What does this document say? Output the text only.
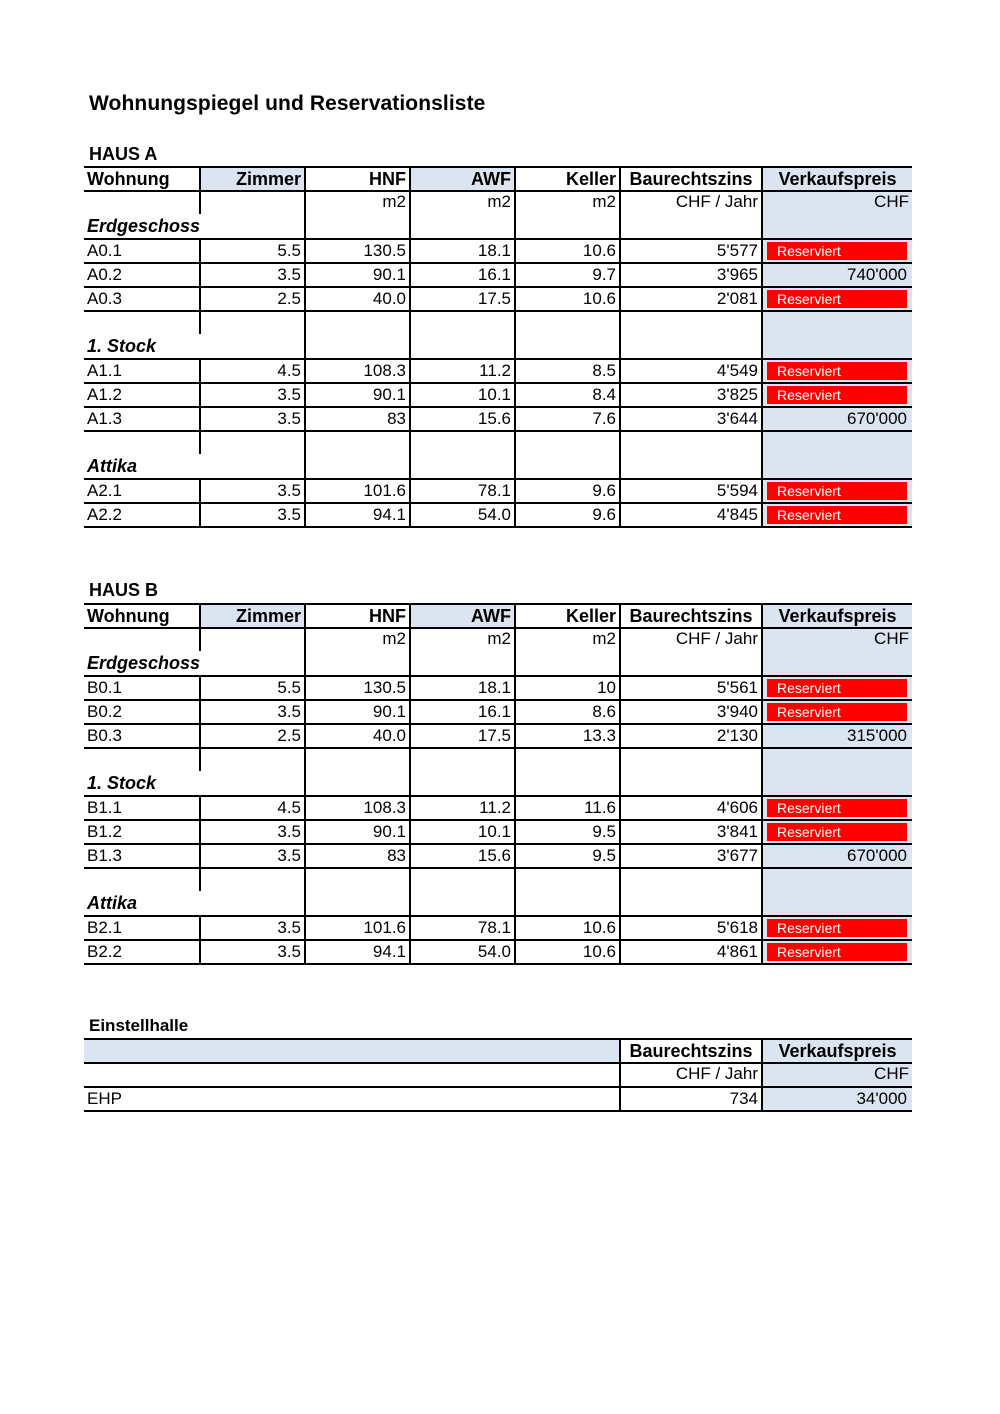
Wohnungspiegel und Reservationsliste
HAUS A
Wohnung	Zimmer	HNF	AWF	Keller	Baurechtszins	Verkaufspreis
		m2	m2	m2	CHF / Jahr	CHF
Erdgeschoss						
A0.1	5.5	130.5	18.1	10.6	5'577	Reserviert

A0.2	3.5	90.1	16.1	9.7	3'965	740'000
A0.3	2.5	40.0	17.5	10.6	2'081	Reserviert

1. Stock						
A1.1	4.5	108.3	11.2	8.5	4'549	Reserviert

A1.2	3.5	90.1	10.1	8.4	3'825	Reserviert

A1.3	3.5	83	15.6	7.6	3'644	670'000

Attika						
A2.1	3.5	101.6	78.1	9.6	5'594	Reserviert

A2.2	3.5	94.1	54.0	9.6	4'845	Reserviert
HAUS B
Wohnung	Zimmer	HNF	AWF	Keller	Baurechtszins	Verkaufspreis
		m2	m2	m2	CHF / Jahr	CHF
Erdgeschoss						
B0.1	5.5	130.5	18.1	10	5'561	Reserviert

B0.2	3.5	90.1	16.1	8.6	3'940	Reserviert

B0.3	2.5	40.0	17.5	13.3	2'130	315'000

1. Stock						
B1.1	4.5	108.3	11.2	11.6	4'606	Reserviert

B1.2	3.5	90.1	10.1	9.5	3'841	Reserviert

B1.3	3.5	83	15.6	9.5	3'677	670'000

Attika						
B2.1	3.5	101.6	78.1	10.6	5'618	Reserviert

B2.2	3.5	94.1	54.0	10.6	4'861	Reserviert
Einstellhalle
	Baurechtszins	Verkaufspreis
	CHF / Jahr	CHF
EHP	734	34'000
